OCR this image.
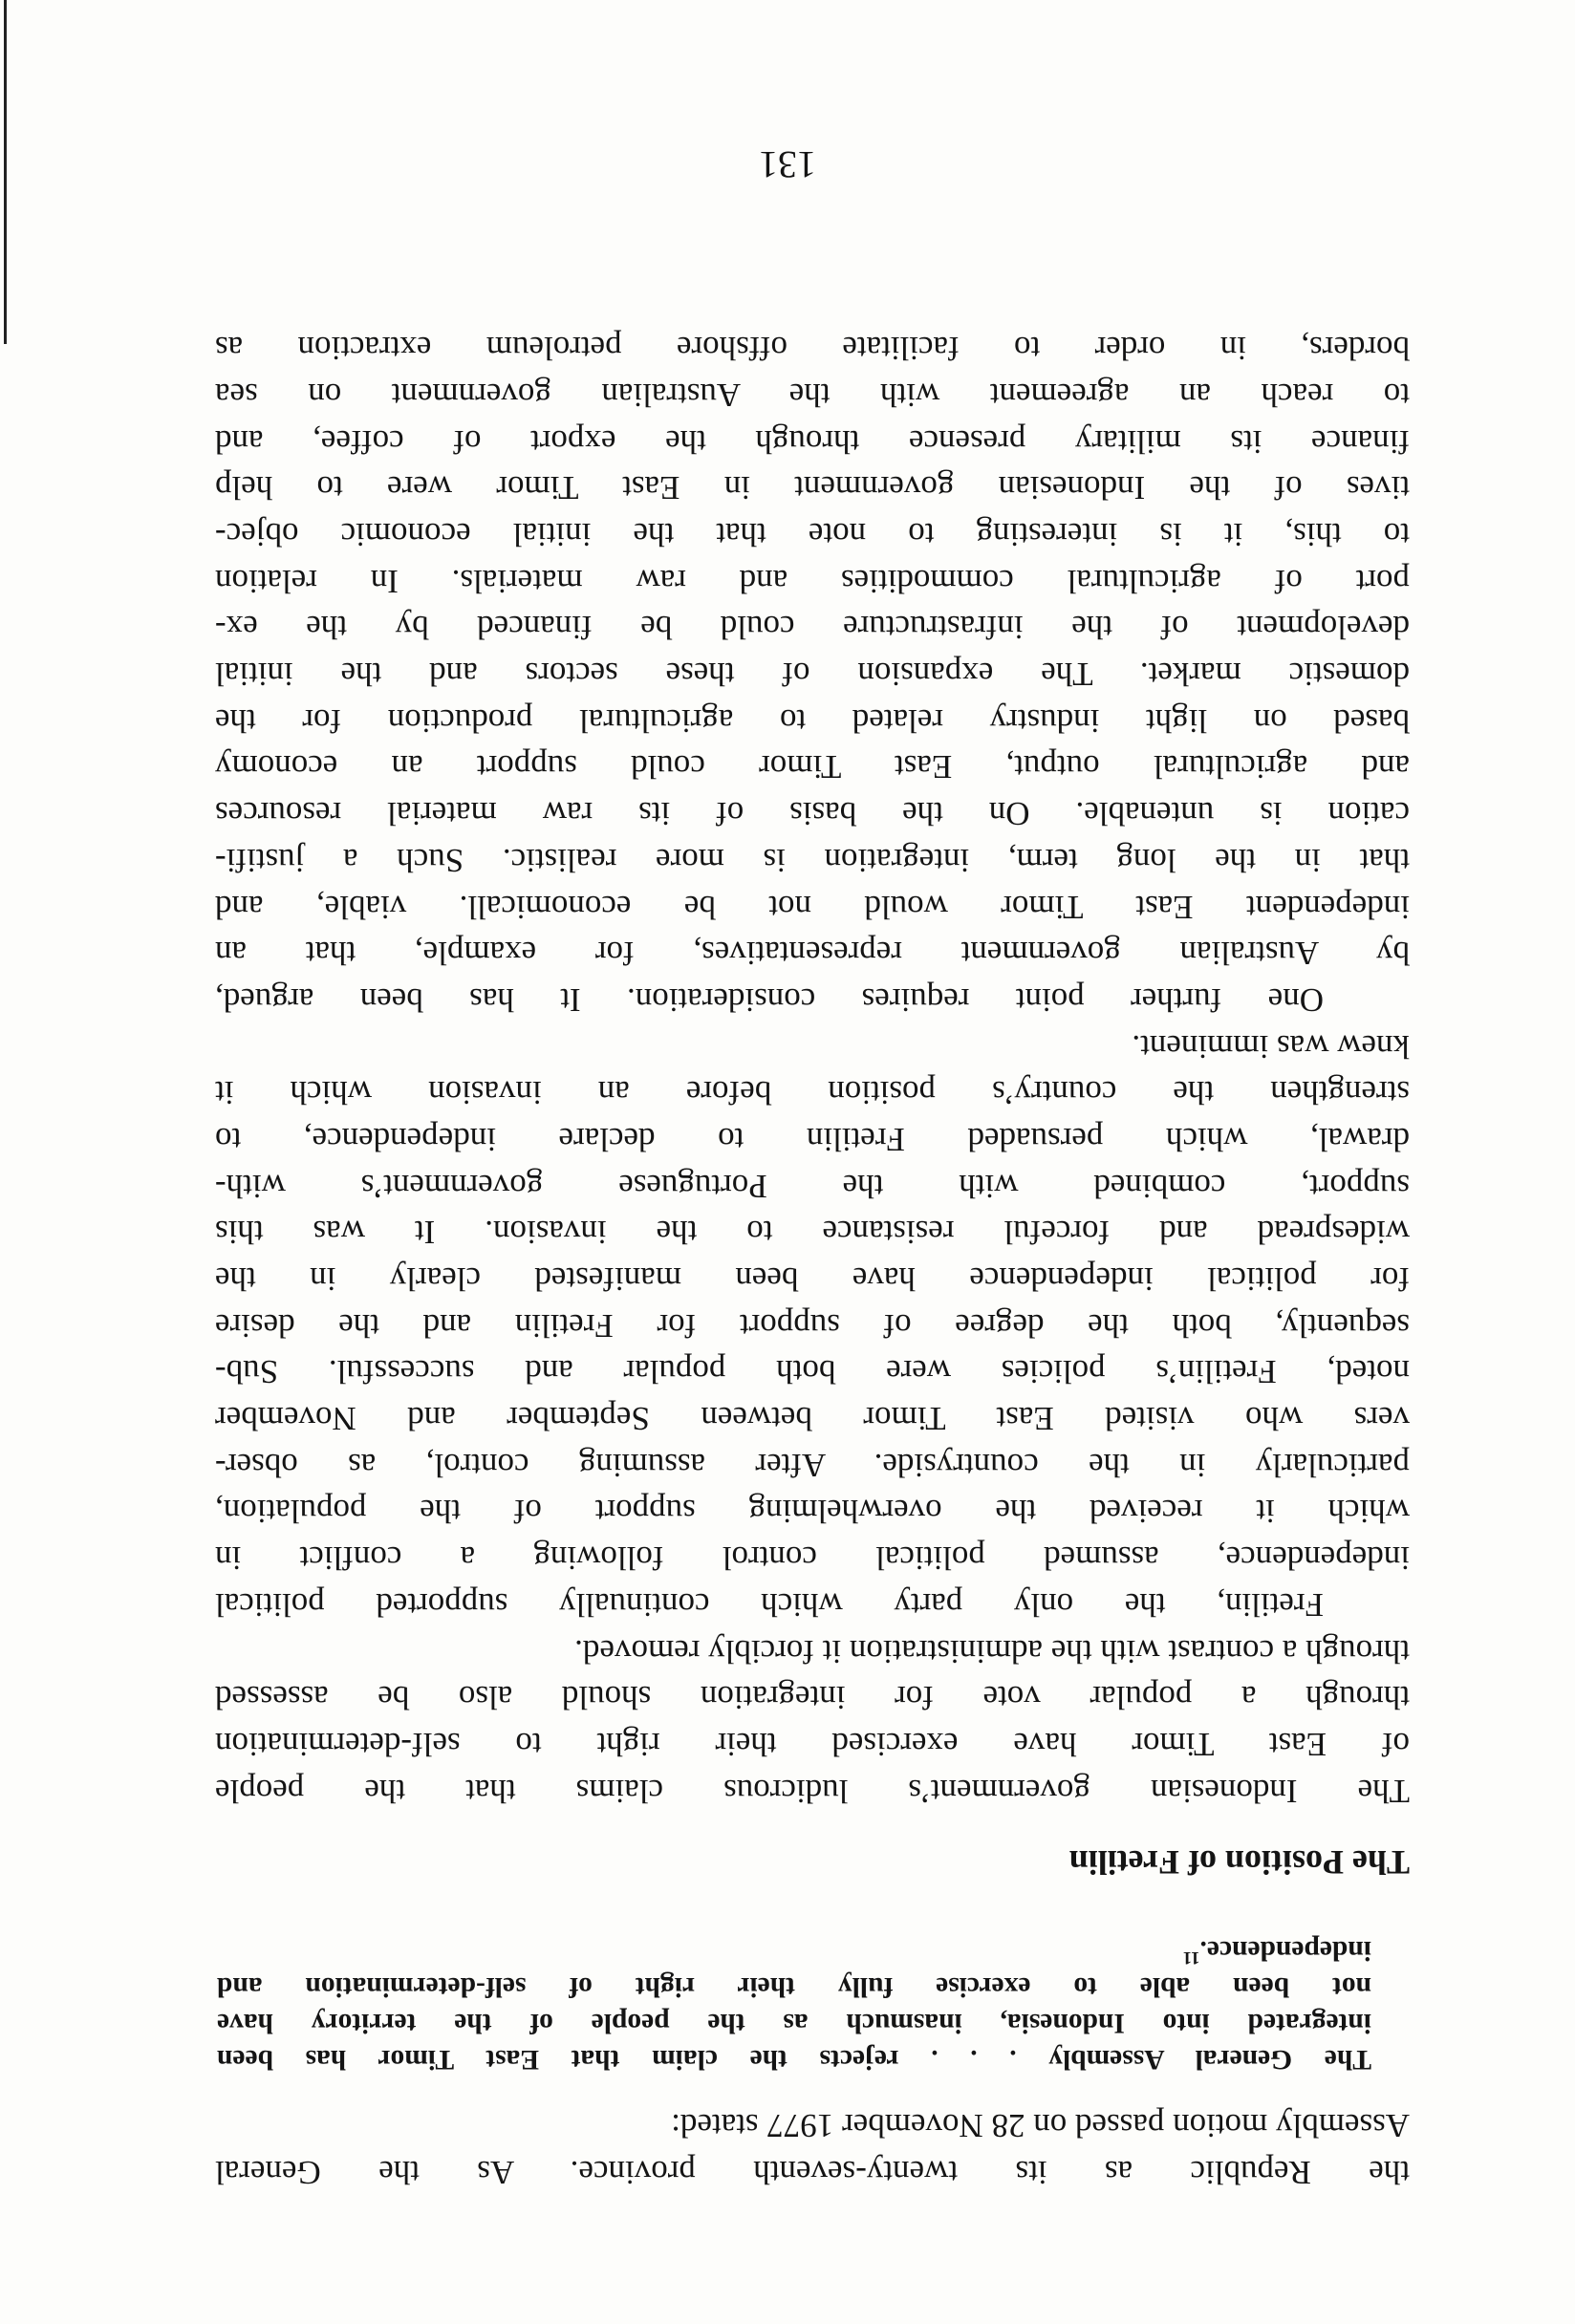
the Republic as its twenty-seventh province. As the General
Assembly motion passed on 28 November 1977 stated:
The General Assembly . . . rejects the claim that East Timor has been
integrated into Indonesia, inasmuch as the people of the territory have
not been able to exercise fully their right of self-determination and
independence.$^{11}$
The Position of Fretilin
The Indonesian government’s ludicrous claims that the people
of East Timor have exercised their right to self-determination
through a popular vote for integration should also be assessed
through a contrast with the administration it forcibly removed.
Fretilin, the only party which continually supported political
independence, assumed political control following a conflict in
which it received the overwhelming support of the population,
particularly in the countryside. After assuming control, as obser-
vers who visited East Timor between September and November
noted, Fretilin’s policies were both popular and successful. Sub-
sequently, both the degree of support for Fretilin and the desire
for political independence have been manifested clearly in the
widespread and forceful resistance to the invasion. It was this
support, combined with the Portuguese government’s with-
drawal, which persuaded Fretilin to declare independence, to
strengthen the country’s position before an invasion which it
knew was imminent.
One further point requires consideration. It has been argued,
by Australian government representatives, for example, that an
independent East Timor would not be economicall. viable, and
that in the long term, integration is more realistic. Such a justifi-
cation is untenable. On the basis of its raw material resources
and agricultural output, East Timor could support an economy
based on light industry related to agricultural production for the
domestic market. The expansion of these sectors and the initial
development of the infrastructure could be financed by the ex-
port of agricultural commodities and raw materials. In relation
to this, it is interesting to note that the initial economic objec-
tives of the Indonesian government in East Timor were to help
finance its military presence through the export of coffee, and
to reach an agreement with the Australian government on sea
borders, in order to facilitate offshore petroleum extraction as
131
